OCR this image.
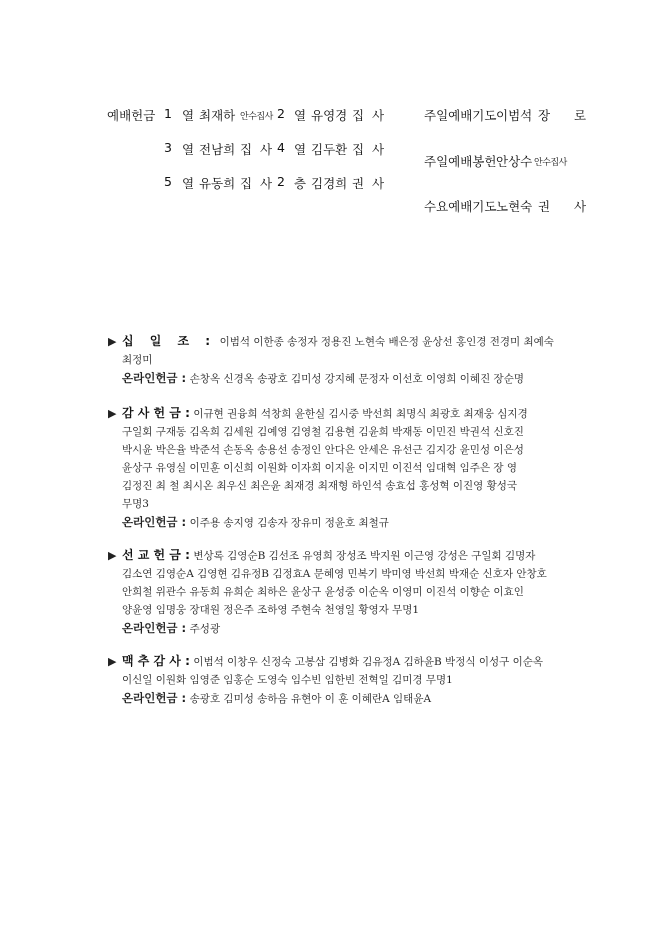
예배헌금 1 열 최재하 안수집사 2 열 유영경 집 사
3 열 전남희 집 사 4 열 김두환 집 사
5 열 유동희 집 사 2 층 김경희 권 사
주일예배기도 이범석 장 로
주일예배봉헌 안상수 안수집사
수요예배기도 노현숙 권 사
▶ 십 일 조 : 이범석 이한종 송정자 정용진 노현숙 배은정 윤상선 홍인경 전경미 최예숙
최정미
온라인헌금 : 손창옥 신경옥 송광호 김미성 강지혜 문정자 이선호 이영희 이혜진 장순명
▶ 감 사 헌 금 : 이규현 권융희 석창희 윤한실 김시중 박선희 최명식 최광호 최재웅 심지경
구일회 구재동 김옥희 김세원 김예영 김영철 김용현 김윤희 박재동 이민진 박권석 신호진
박시윤 박은율 박준석 손동옥 송용선 송정인 안다은 안세은 유선근 김지강 윤민성 이은성
윤상구 유영실 이민훈 이신희 이원화 이자희 이지윤 이지민 이진석 임대혁 임주은 장 영
김정진 최 철 최시온 최우신 최은윤 최재경 최재형 하인석 송효섭 홍성혁 이진영 황성국
무명3
온라인헌금 : 이주용 송지영 김송자 장유미 정윤호 최철규
▶ 선 교 헌 금 : 변상록 김영순B 김선조 유영희 장성조 박지원 이근영 강성은 구일회 김명자
김소연 김영순A 김영현 김유정B 김정효A 문혜영 민복기 박미영 박선희 박재순 신호자 안창호
안희철 위관수 유동희 유희순 최하은 윤상구 윤성중 이순옥 이영미 이진석 이향순 이효인
양윤영 임명웅 장대원 정은주 조하영 주현숙 천영일 황영자 무명1
온라인헌금 : 주성광
▶ 맥 추 감 사 : 이범석 이창우 신정숙 고봉삼 김병화 김유정A 김하윤B 박정식 이성구 이순옥
이신일 이원화 임영준 임홍순 도영숙 임수빈 임한빈 전혁일 김미경 무명1
온라인헌금 : 송광호 김미성 송하음 유현아 이 훈 이혜란A 임태윤A
